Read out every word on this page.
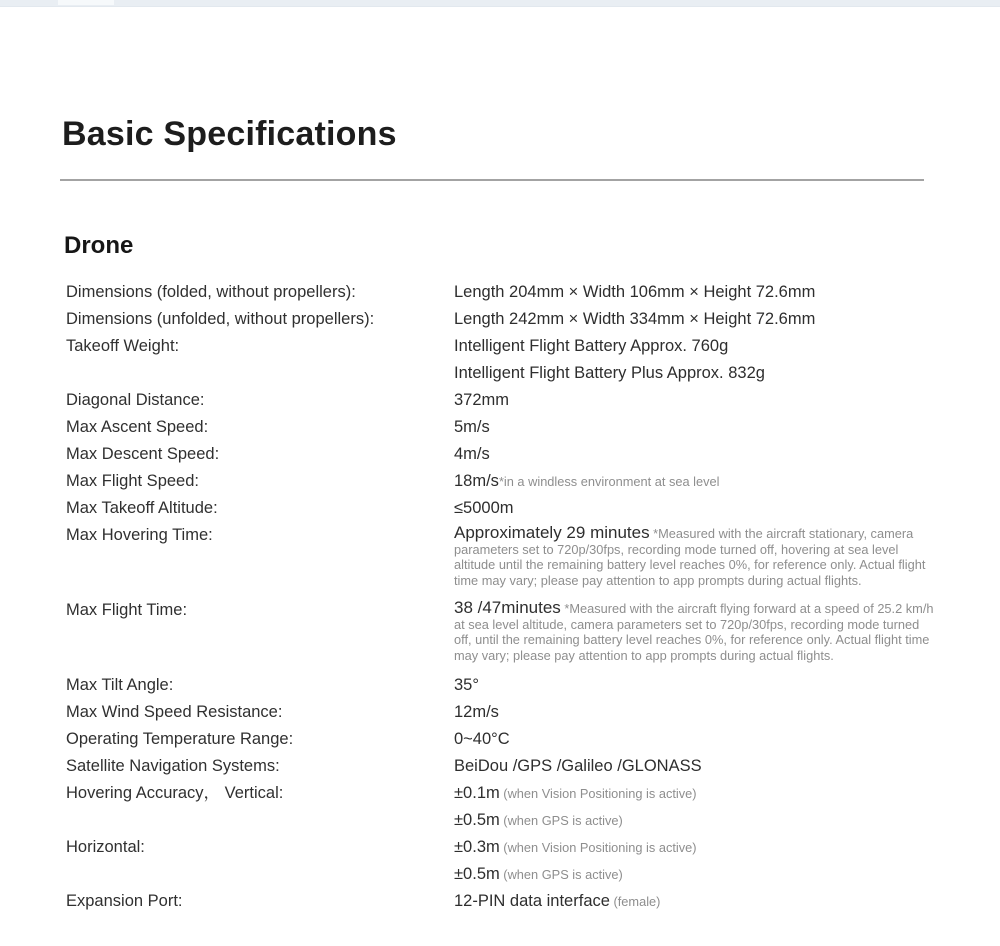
Basic Specifications
Drone
Dimensions (folded, without propellers):	Length 204mm × Width 106mm × Height 72.6mm
Dimensions (unfolded, without propellers):	Length 242mm × Width 334mm × Height 72.6mm
Takeoff Weight:	Intelligent Flight Battery Approx. 760g
Intelligent Flight Battery Plus Approx. 832g
Diagonal Distance:	372mm
Max Ascent Speed:	5m/s
Max Descent Speed:	4m/s
Max Flight Speed:	18m/s*in a windless environment at sea level
Max Takeoff Altitude:	≤5000m
Max Hovering Time:	Approximately 29 minutes *Measured with the aircraft stationary, camera parameters set to 720p/30fps, recording mode turned off, hovering at sea level altitude until the remaining battery level reaches 0%, for reference only. Actual flight time may vary; please pay attention to app prompts during actual flights.
Max Flight Time:	38 /47minutes *Measured with the aircraft flying forward at a speed of 25.2 km/h at sea level altitude, camera parameters set to 720p/30fps, recording mode turned off, until the remaining battery level reaches 0%, for reference only. Actual flight time may vary; please pay attention to app prompts during actual flights.
Max Tilt Angle:	35°
Max Wind Speed Resistance:	12m/s
Operating Temperature Range:	0~40°C
Satellite Navigation Systems:	BeiDou /GPS /Galileo /GLONASS
Hovering Accuracy， Vertical:	±0.1m (when Vision Positioning is active)
±0.5m (when GPS is active)
Horizontal:	±0.3m (when Vision Positioning is active)
±0.5m (when GPS is active)
Expansion Port:	12-PIN data interface (female)
